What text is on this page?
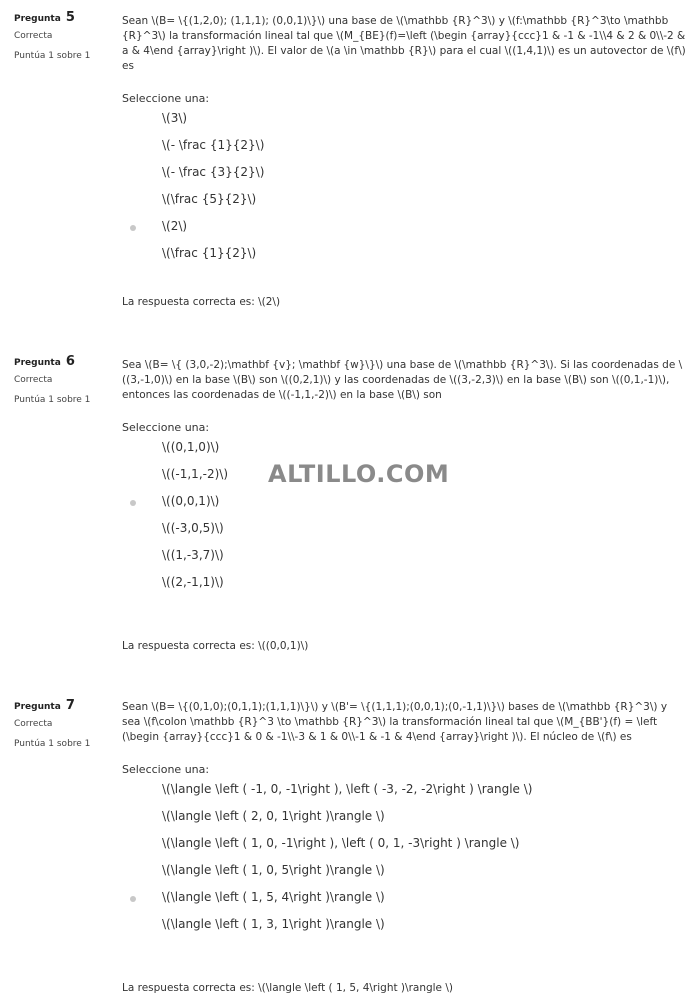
Pregunta 5
Correcta
Puntúa 1 sobre 1
Sean \(B= \{(1,2,0); (1,1,1); (0,0,1)\}\) una base de \(\mathbb {R}^3\) y \(f:\mathbb {R}^3\to \mathbb {R}^3\) la transformación lineal tal que \(M_{BE}(f)=\left (\begin {array}{ccc}1 & -1 & -1\\4 & 2 & 0\\-2 & a & 4\end {array}\right )\). El valor de \(a \in \mathbb {R}\) para el cual \((1,4,1)\) es un autovector de \(f\) es
Seleccione una:
\(3\)
\(- \frac {1}{2}\)
\(- \frac {3}{2}\)
\(\frac {5}{2}\)
\(2\)
\(\frac {1}{2}\)
La respuesta correcta es: \(2\)
Pregunta 6
Correcta
Puntúa 1 sobre 1
Sea \(B= \{ (3,0,-2);\mathbf {v}; \mathbf {w}\}\) una base de \(\mathbb {R}^3\). Si las coordenadas de \((3,-1,0)\) en la base \(B\) son \((0,2,1)\) y las coordenadas de \((3,-2,3)\) en la base \(B\) son \((0,1,-1)\), entonces las coordenadas de \((-1,1,-2)\) en la base \(B\) son
Seleccione una:
\((0,1,0)\)
\((-1,1,-2)\)
\((0,0,1)\)
\((-3,0,5)\)
\((1,-3,7)\)
\((2,-1,1)\)
La respuesta correcta es: \((0,0,1)\)
Pregunta 7
Correcta
Puntúa 1 sobre 1
Sean \(B= \{(0,1,0);(0,1,1);(1,1,1)\}\) y \(B'= \{(1,1,1);(0,0,1);(0,-1,1)\}\) bases de \(\mathbb {R}^3\) y sea \(f\colon \mathbb {R}^3 \to \mathbb {R}^3\) la transformación lineal tal que \(M_{BB'}(f) = \left (\begin {array}{ccc}1 & 0 & -1\\-3 & 1 & 0\\-1 & -1 & 4\end {array}\right )\). El núcleo de \(f\) es
Seleccione una:
\(\langle \left ( -1, 0, -1\right ), \left ( -3, -2, -2\right ) \rangle \)
\(\langle \left ( 2, 0, 1\right )\rangle \)
\(\langle \left ( 1, 0, -1\right ), \left ( 0, 1, -3\right ) \rangle \)
\(\langle \left ( 1, 0, 5\right )\rangle \)
\(\langle \left ( 1, 5, 4\right )\rangle \)
\(\langle \left ( 1, 3, 1\right )\rangle \)
La respuesta correcta es: \(\langle \left ( 1, 5, 4\right )\rangle \)
ALTILLO.COM
